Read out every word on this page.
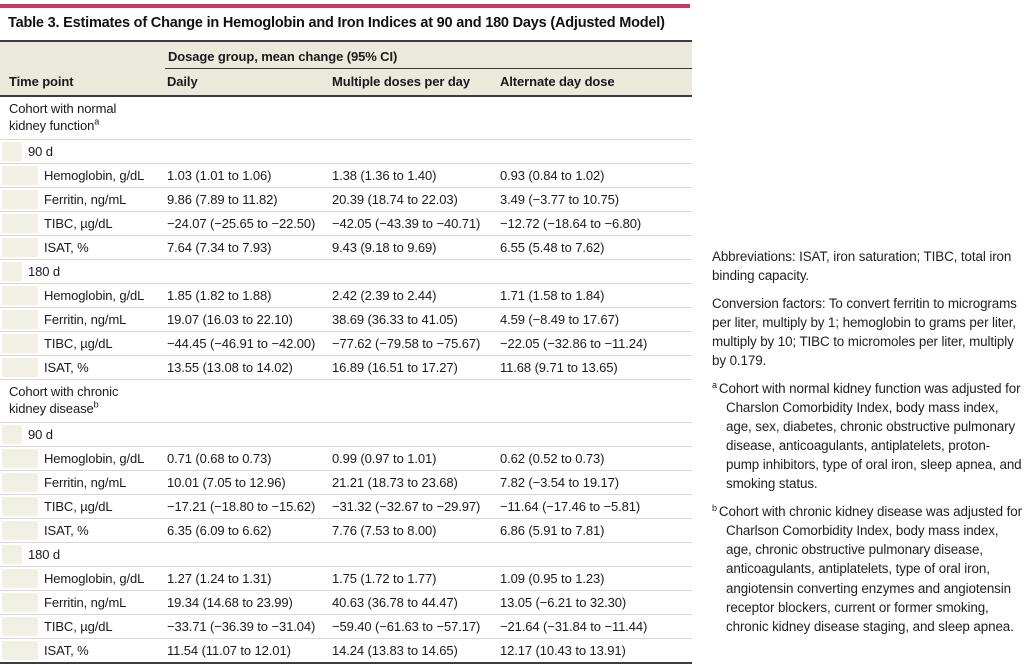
Table 3. Estimates of Change in Hemoglobin and Iron Indices at 90 and 180 Days (Adjusted Model)
	Dosage group, mean change (95% CI)		
Time point	Daily	Multiple doses per day	Alternate day dose

Cohort with normal kidney function$^a$

90 d			
Hemoglobin, g/dL	1.03 (1.01 to 1.06)	1.38 (1.36 to 1.40)	0.93 (0.84 to 1.02)
Ferritin, ng/mL	9.86 (7.89 to 11.82)	20.39 (18.74 to 22.03)	3.49 (−3.77 to 10.75)
TIBC, µg/dL	−24.07 (−25.65 to −22.50)	−42.05 (−43.39 to −40.71)	−12.72 (−18.64 to −6.80)
ISAT, %	7.64 (7.34 to 7.93)	9.43 (9.18 to 9.69)	6.55 (5.48 to 7.62)
180 d			
Hemoglobin, g/dL	1.85 (1.82 to 1.88)	2.42 (2.39 to 2.44)	1.71 (1.58 to 1.84)
Ferritin, ng/mL	19.07 (16.03 to 22.10)	38.69 (36.33 to 41.05)	4.59 (−8.49 to 17.67)
TIBC, µg/dL	−44.45 (−46.91 to −42.00)	−77.62 (−79.58 to −75.67)	−22.05 (−32.86 to −11.24)
ISAT, %	13.55 (13.08 to 14.02)	16.89 (16.51 to 17.27)	11.68 (9.71 to 13.65)

Cohort with chronic kidney disease$^b$

90 d			
Hemoglobin, g/dL	0.71 (0.68 to 0.73)	0.99 (0.97 to 1.01)	0.62 (0.52 to 0.73)
Ferritin, ng/mL	10.01 (7.05 to 12.96)	21.21 (18.73 to 23.68)	7.82 (−3.54 to 19.17)
TIBC, µg/dL	−17.21 (−18.80 to −15.62)	−31.32 (−32.67 to −29.97)	−11.64 (−17.46 to −5.81)
ISAT, %	6.35 (6.09 to 6.62)	7.76 (7.53 to 8.00)	6.86 (5.91 to 7.81)
180 d			
Hemoglobin, g/dL	1.27 (1.24 to 1.31)	1.75 (1.72 to 1.77)	1.09 (0.95 to 1.23)
Ferritin, ng/mL	19.34 (14.68 to 23.99)	40.63 (36.78 to 44.47)	13.05 (−6.21 to 32.30)
TIBC, µg/dL	−33.71 (−36.39 to −31.04)	−59.40 (−61.63 to −57.17)	−21.64 (−31.84 to −11.44)
ISAT, %	11.54 (11.07 to 12.01)	14.24 (13.83 to 14.65)	12.17 (10.43 to 13.91)

Abbreviations: ISAT, iron saturation; TIBC, total iron binding capacity.

Conversion factors: To convert ferritin to micrograms per liter, multiply by 1; hemoglobin to grams per liter, multiply by 10; TIBC to micromoles per liter, multiply by 0.179.

$^a$ Cohort with normal kidney function was adjusted for Charslon Comorbidity Index, body mass index, age, sex, diabetes, chronic obstructive pulmonary disease, anticoagulants, antiplatelets, proton-pump inhibitors, type of oral iron, sleep apnea, and smoking status.

$^b$ Cohort with chronic kidney disease was adjusted for Charlson Comorbidity Index, body mass index, age, chronic obstructive pulmonary disease, anticoagulants, antiplatelets, type of oral iron, angiotensin converting enzymes and angiotensin receptor blockers, current or former smoking, chronic kidney disease staging, and sleep apnea.
